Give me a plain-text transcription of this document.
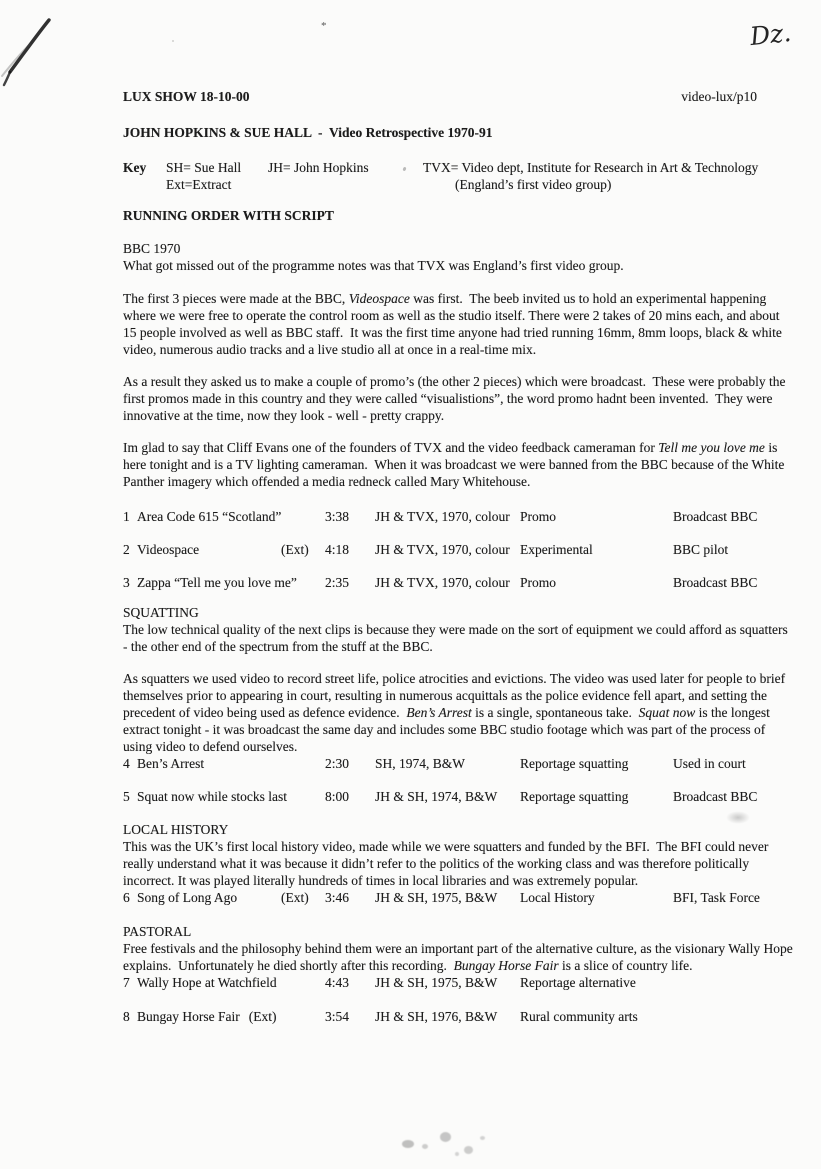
Dz.
*
LUX SHOW 18-10-00	video-lux/p10
JOHN HOPKINS & SUE HALL  -  Video Retrospective 1970-91
Key SH= Sue Hall JH= John Hopkins	TVX= Video dept, Institute for Research in Art & Technology
Ext=Extract	(England’s first video group)
RUNNING ORDER WITH SCRIPT
BBC 1970
What got missed out of the programme notes was that TVX was England’s first video group.
The first 3 pieces were made at the BBC, Videospace was first.  The beeb invited us to hold an experimental happening where we were free to operate the control room as well as the studio itself. There were 2 takes of 20 mins each, and about 15 people involved as well as BBC staff.  It was the first time anyone had tried running 16mm, 8mm loops, black & white video, numerous audio tracks and a live studio all at once in a real-time mix.
As a result they asked us to make a couple of promo’s (the other 2 pieces) which were broadcast.  These were probably the first promos made in this country and they were called “visualistions”, the word promo hadnt been invented.  They were innovative at the time, now they look - well - pretty crappy.
Im glad to say that Cliff Evans one of the founders of TVX and the video feedback cameraman for Tell me you love me is here tonight and is a TV lighting cameraman.  When it was broadcast we were banned from the BBC because of the White Panther imagery which offended a media redneck called Mary Whitehouse.
1 Area Code 615 “Scotland”	3:38	JH & TVX, 1970, colour Promo	Broadcast BBC
2 Videospace	(Ext) 4:18	JH & TVX, 1970, colour Experimental	BBC pilot
3 Zappa “Tell me you love me”	2:35	JH & TVX, 1970, colour Promo	Broadcast BBC
SQUATTING
The low technical quality of the next clips is because they were made on the sort of equipment we could afford as squatters - the other end of the spectrum from the stuff at the BBC.
As squatters we used video to record street life, police atrocities and evictions. The video was used later for people to brief themselves prior to appearing in court, resulting in numerous acquittals as the police evidence fell apart, and setting the precedent of video being used as defence evidence.  Ben’s Arrest is a single, spontaneous take.  Squat now is the longest extract tonight - it was broadcast the same day and includes some BBC studio footage which was part of the process of using video to defend ourselves.
4 Ben’s Arrest	2:30	SH, 1974, B&W	Reportage squatting	Used in court
5 Squat now while stocks last	8:00	JH & SH, 1974, B&W	Reportage squatting	Broadcast BBC
LOCAL HISTORY
This was the UK’s first local history video, made while we were squatters and funded by the BFI.  The BFI could never really understand what it was because it didn’t refer to the politics of the working class and was therefore politically incorrect. It was played literally hundreds of times in local libraries and was extremely popular.
6 Song of Long Ago	(Ext) 3:46	JH & SH, 1975, B&W	Local History	BFI, Task Force
PASTORAL
Free festivals and the philosophy behind them were an important part of the alternative culture, as the visionary Wally Hope explains.  Unfortunately he died shortly after this recording.  Bungay Horse Fair is a slice of country life.
7 Wally Hope at Watchfield	4:43	JH & SH, 1975, B&W	Reportage alternative
8 Bungay Horse Fair (Ext)	3:54	JH & SH, 1976, B&W	Rural community arts
